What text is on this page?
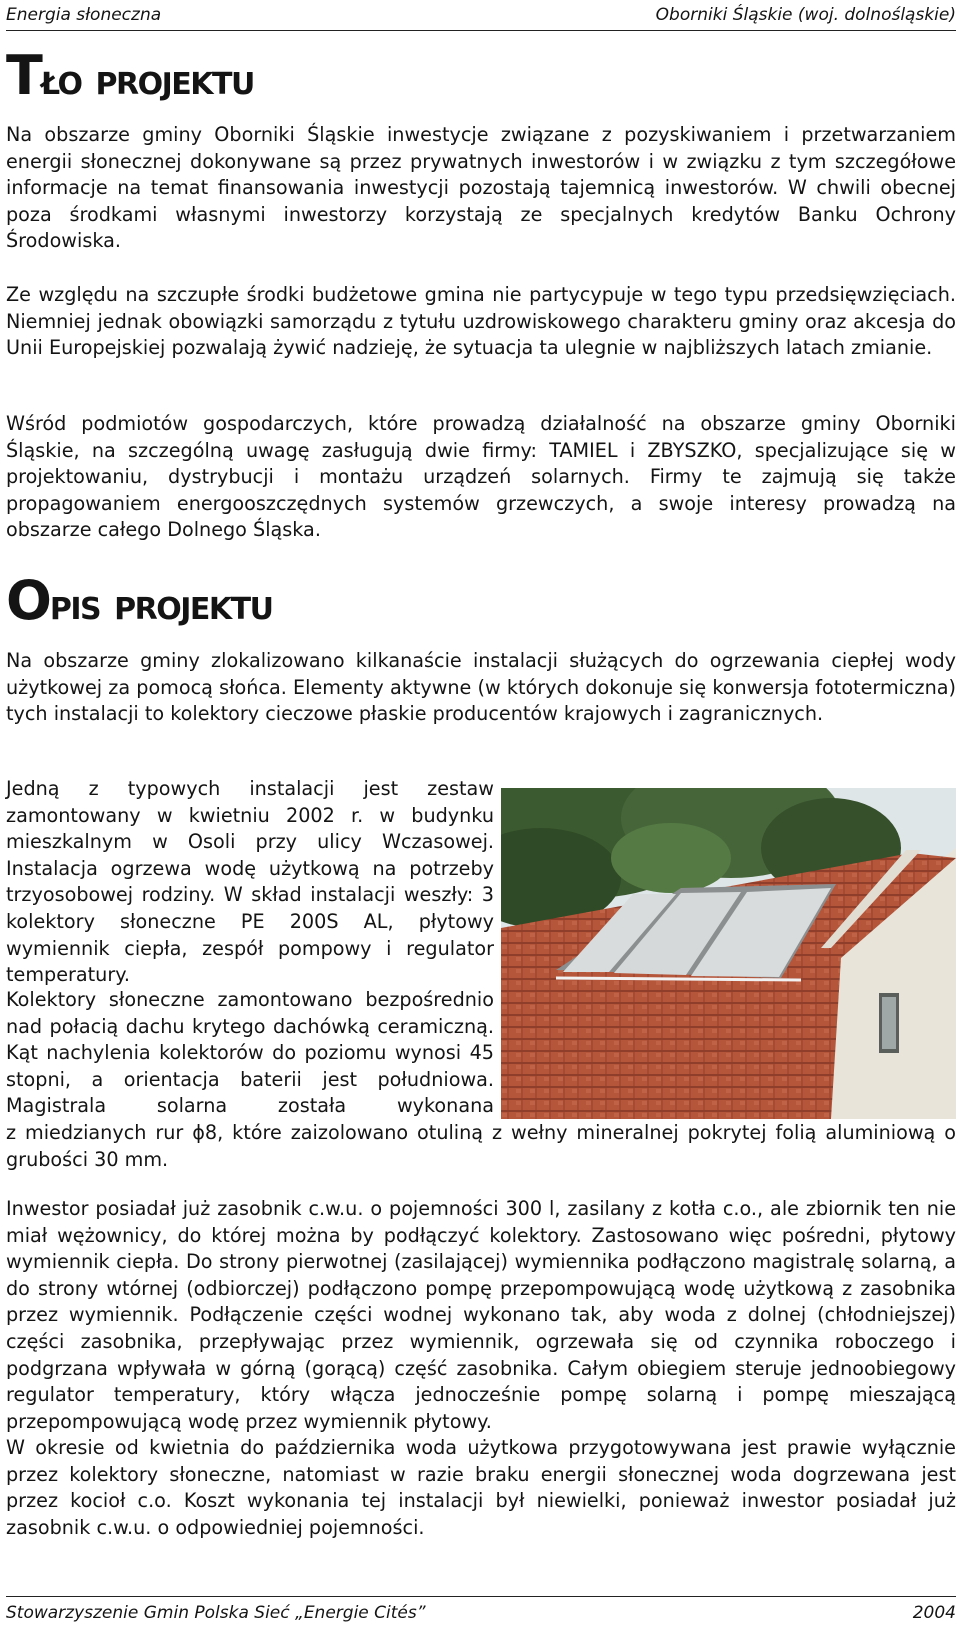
Energia słoneczna	Oborniki Śląskie (woj. dolnośląskie)
TŁO PROJEKTU

Na obszarze gminy Oborniki Śląskie inwestycje związane z pozyskiwaniem i przetwarzaniem energii słonecznej dokonywane są przez prywatnych inwestorów i w związku z tym szczegółowe informacje na temat finansowania inwestycji pozostają tajemnicą inwestorów. W chwili obecnej poza środkami własnymi inwestorzy korzystają ze specjalnych kredytów Banku Ochrony Środowiska.

Ze względu na szczupłe środki budżetowe gmina nie partycypuje w tego typu przedsięwzięciach. Niemniej jednak obowiązki samorządu z tytułu uzdrowiskowego charakteru gminy oraz akcesja do Unii Europejskiej pozwalają żywić nadzieję, że sytuacja ta ulegnie w najbliższych latach zmianie.

Wśród podmiotów gospodarczych, które prowadzą działalność na obszarze gminy Oborniki Śląskie, na szczególną uwagę zasługują dwie firmy: TAMIEL i ZBYSZKO, specjalizujące się w projektowaniu, dystrybucji i montażu urządzeń solarnych. Firmy te zajmują się także propagowaniem energooszczędnych systemów grzewczych, a swoje interesy prowadzą na obszarze całego Dolnego Śląska.

OPIS PROJEKTU

Na obszarze gminy zlokalizowano kilkanaście instalacji służących do ogrzewania ciepłej wody użytkowej za pomocą słońca. Elementy aktywne (w których dokonuje się konwersja fototermiczna) tych instalacji to kolektory cieczowe płaskie producentów krajowych i zagranicznych.

Jedną z typowych instalacji jest zestaw zamontowany w kwietniu 2002 r. w budynku mieszkalnym w Osoli przy ulicy Wczasowej. Instalacja ogrzewa wodę użytkową na potrzeby trzyosobowej rodziny. W skład instalacji weszły: 3 kolektory słoneczne PE 200S AL, płytowy wymiennik ciepła, zespół pompowy i regulator temperatury.

Kolektory słoneczne zamontowano bezpośrednio nad połacią dachu krytego dachówką ceramiczną. Kąt nachylenia kolektorów do poziomu wynosi 45 stopni, a orientacja baterii jest południowa. Magistrala solarna została wykonana

z miedzianych rur ϕ8, które zaizolowano otuliną z wełny mineralnej pokrytej folią aluminiową o grubości 30 mm.

Inwestor posiadał już zasobnik c.w.u. o pojemności 300 l, zasilany z kotła c.o., ale zbiornik ten nie miał wężownicy, do której można by podłączyć kolektory. Zastosowano więc pośredni, płytowy wymiennik ciepła. Do strony pierwotnej (zasilającej) wymiennika podłączono magistralę solarną, a do strony wtórnej (odbiorczej) podłączono pompę przepompowującą wodę użytkową z zasobnika przez wymiennik. Podłączenie części wodnej wykonano tak, aby woda z dolnej (chłodniejszej) części zasobnika, przepływając przez wymiennik, ogrzewała się od czynnika roboczego i podgrzana wpływała w górną (gorącą) część zasobnika. Całym obiegiem steruje jednoobiegowy regulator temperatury, który włącza jednocześnie pompę solarną i pompę mieszającą przepompowującą wodę przez wymiennik płytowy.

W okresie od kwietnia do października woda użytkowa przygotowywana jest prawie wyłącznie przez kolektory słoneczne, natomiast w razie braku energii słonecznej woda dogrzewana jest przez kocioł c.o. Koszt wykonania tej instalacji był niewielki, ponieważ inwestor posiadał już zasobnik c.w.u. o odpowiedniej pojemności.

Stowarzyszenie Gmin Polska Sieć „Energie Cités”	2004
